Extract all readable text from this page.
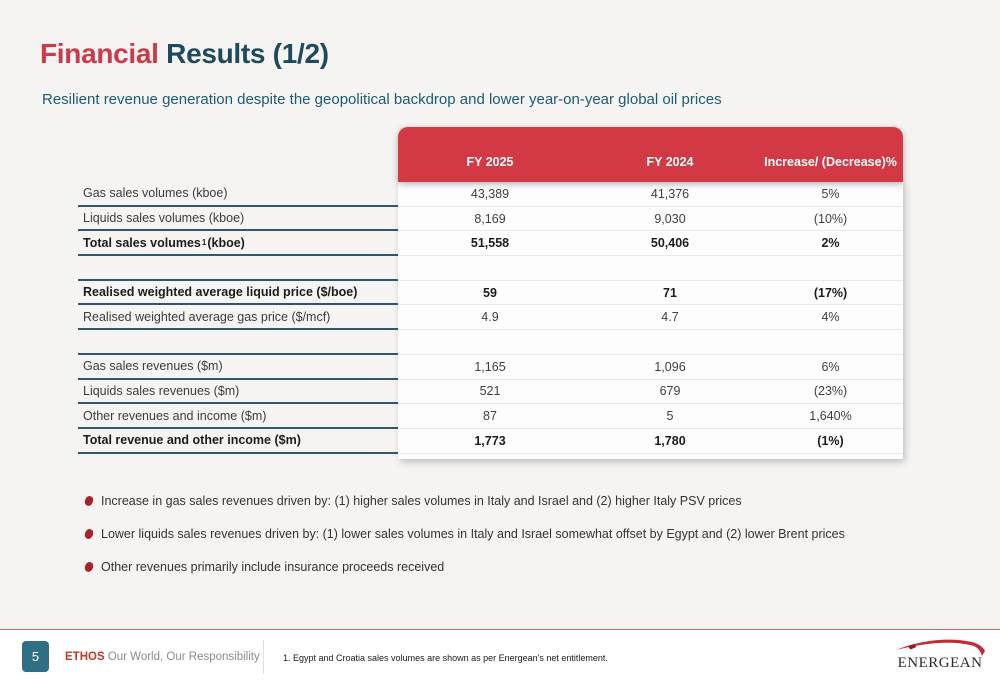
Financial Results (1/2)
Resilient revenue generation despite the geopolitical backdrop and lower year-on-year global oil prices
FY 2025	FY 2024	Increase/ (Decrease)%
Gas sales volumes (kboe)	43,389	41,376	5%
Liquids sales volumes (kboe)	8,169	9,030	(10%)
Total sales volumes 1 (kboe)	51,558	50,406	2%
Realised weighted average liquid price ($/boe)	59	71	(17%)
Realised weighted average gas price ($/mcf)	4.9	4.7	4%
Gas sales revenues ($m)	1,165	1,096	6%
Liquids sales revenues ($m)	521	679	(23%)
Other revenues and income ($m)	87	5	1,640%
Total revenue and other income ($m)	1,773	1,780	(1%)
Increase in gas sales revenues driven by: (1) higher sales volumes in Italy and Israel and (2) higher Italy PSV prices
Lower liquids sales revenues driven by: (1) lower sales volumes in Italy and Israel somewhat offset by Egypt and (2) lower Brent prices
Other revenues primarily include insurance proceeds received
5	ETHOS Our World, Our Responsibility	1. Egypt and Croatia sales volumes are shown as per Energean's net entitlement.	ENERGEAN
